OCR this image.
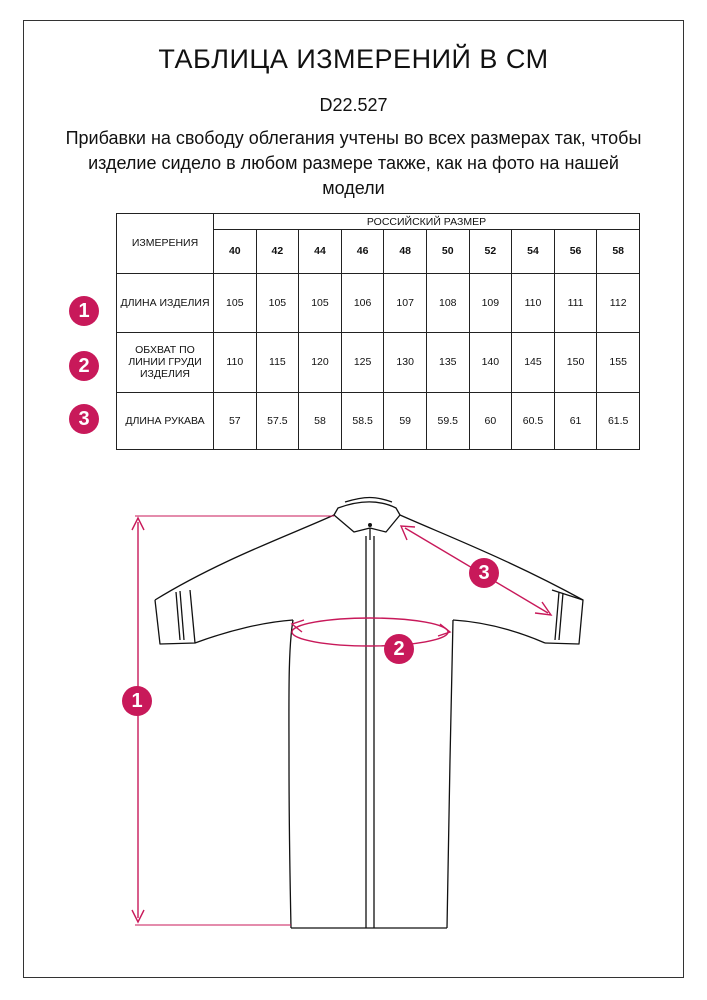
ТАБЛИЦА ИЗМЕРЕНИЙ В СМ
D22.527
Прибавки на свободу облегания учтены во всех размерах так, чтобы изделие сидело в любом размере также, как на фото на нашей модели
1
2
3
ИЗМЕРЕНИЯ	РОССИЙСКИЙ РАЗМЕР									
	40	42	44	46	48	50	52	54	56	58
ДЛИНА ИЗДЕЛИЯ	105	105	105	106	107	108	109	110	111	112
ОБХВАТ ПО ЛИНИИ ГРУДИ ИЗДЕЛИЯ	110	115	120	125	130	135	140	145	150	155
ДЛИНА РУКАВА	57	57.5	58	58.5	59	59.5	60	60.5	61	61.5
1
2
3
